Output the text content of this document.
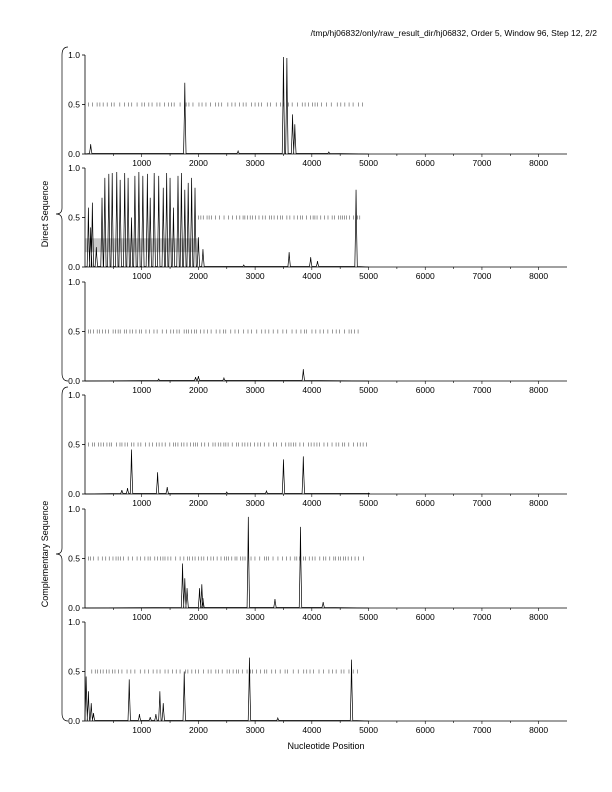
/tmp/hj06832/only/raw_result_dir/hj06832, Order 5, Window 96, Step 12, 2/2
0.0
0.5
1.0
1000	2000	3000	4000	5000	6000	7000	8000
0.0
0.5
1.0
1000	2000	3000	4000	5000	6000	7000	8000
0.0
0.5
1.0
1000	2000	3000	4000	5000	6000	7000	8000
0.0
0.5
1.0
1000	2000	3000	4000	5000	6000	7000	8000
0.0
0.5
1.0
1000	2000	3000	4000	5000	6000	7000	8000
0.0
0.5
1.0
1000	2000	3000	4000	5000	6000	7000	8000
Direct Sequence
Complementary Sequence
Nucleotide Position
